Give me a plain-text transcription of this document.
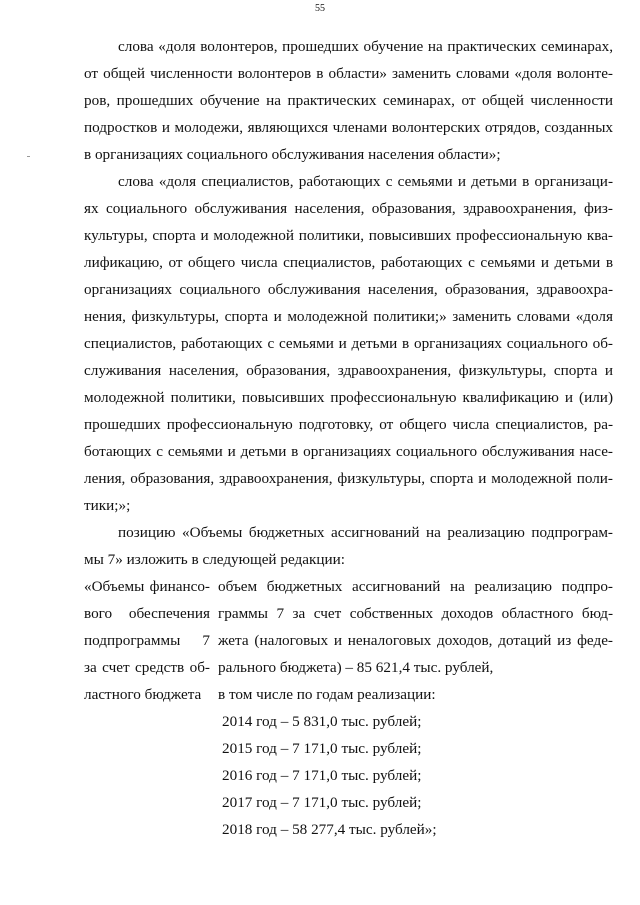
55
слова «доля волонтеров, прошедших обучение на практических семинарах,
от общей численности волонтеров в области» заменить словами «доля волонте-
ров, прошедших обучение на практических семинарах, от общей численности
подростков и молодежи, являющихся членами волонтерских отрядов, созданных
в организациях социального обслуживания населения области»;
слова «доля специалистов, работающих с семьями и детьми в организаци-
ях социального обслуживания населения, образования, здравоохранения, физ-
культуры, спорта и молодежной политики, повысивших профессиональную ква-
лификацию, от общего числа специалистов, работающих с семьями и детьми в
организациях социального обслуживания населения, образования, здравоохра-
нения, физкультуры, спорта и молодежной политики;» заменить словами «доля
специалистов, работающих с семьями и детьми в организациях социального об-
служивания населения, образования, здравоохранения, физкультуры, спорта и
молодежной политики, повысивших профессиональную квалификацию и (или)
прошедших профессиональную подготовку, от общего числа специалистов, ра-
ботающих с семьями и детьми в организациях социального обслуживания насе-
ления, образования, здравоохранения, физкультуры, спорта и молодежной поли-
тики;»;
позицию «Объемы бюджетных ассигнований на реализацию подпрограм-
мы 7» изложить в следующей редакции:
«Объемы финансо-
вого обеспечения
подпрограммы 7
за счет средств об-
ластного бюджета
объем бюджетных ассигнований на реализацию подпро-
граммы 7 за счет собственных доходов областного бюд-
жета (налоговых и неналоговых доходов, дотаций из феде-
рального бюджета) – 85 621,4 тыс. рублей,
в том числе по годам реализации:
2014 год – 5 831,0 тыс. рублей;
2015 год – 7 171,0 тыс. рублей;
2016 год – 7 171,0 тыс. рублей;
2017 год – 7 171,0 тыс. рублей;
2018 год – 58 277,4 тыс. рублей»;
